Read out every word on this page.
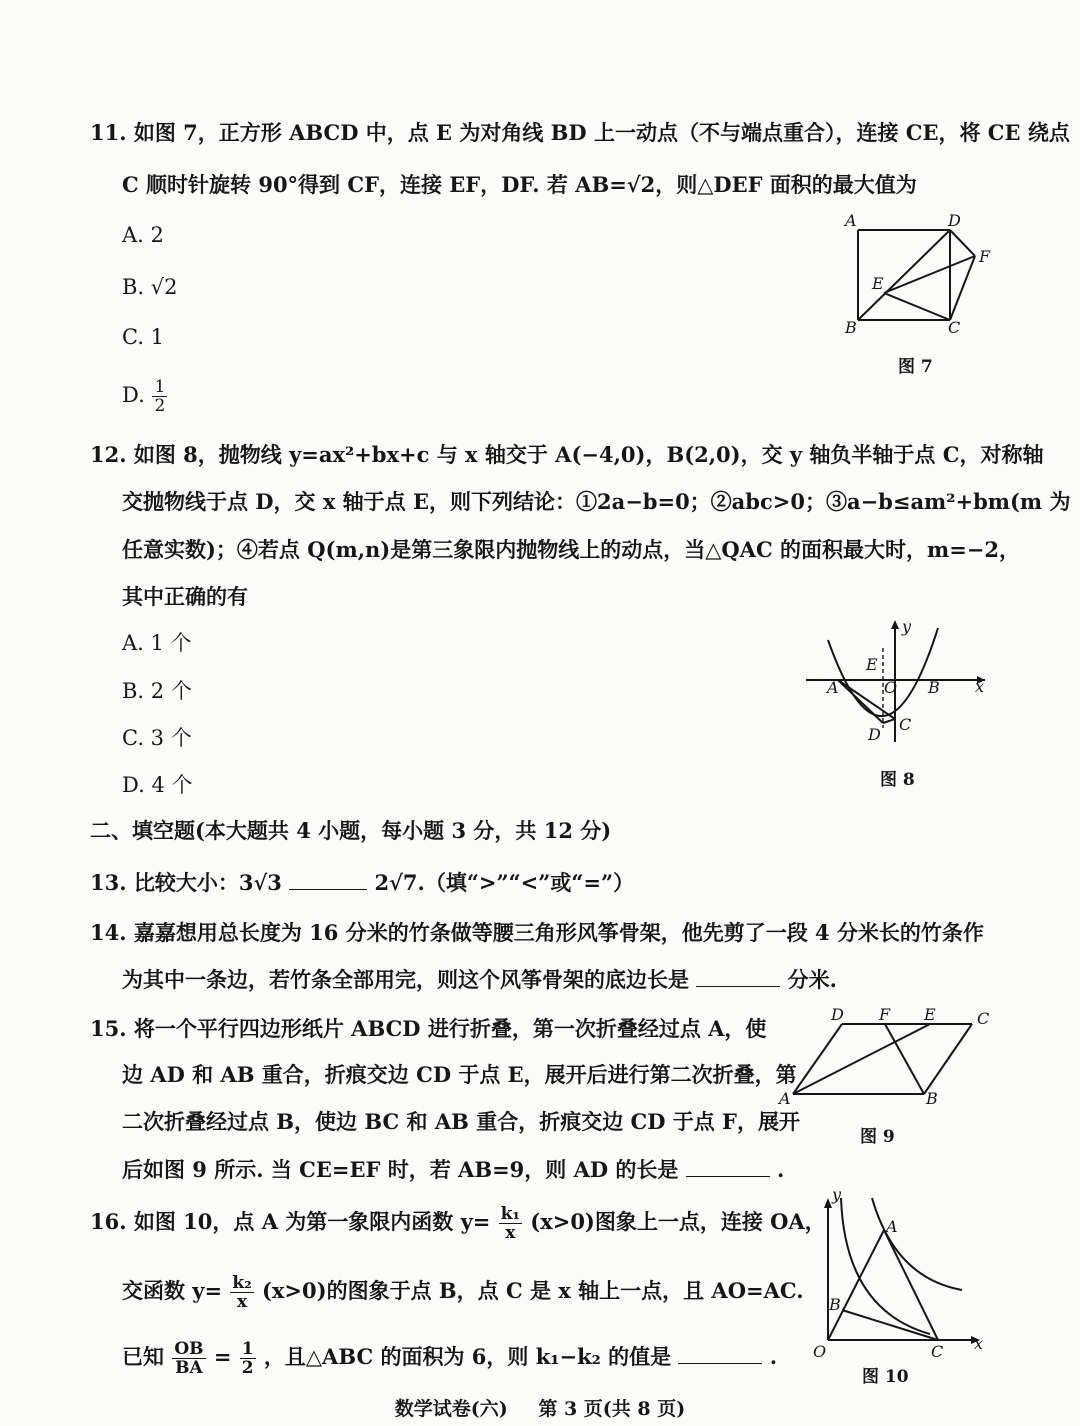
11. 如图 7，正方形 ABCD 中，点 E 为对角线 BD 上一动点（不与端点重合），连接 CE，将 CE 绕点
C 顺时针旋转 90°得到 CF，连接 EF，DF. 若 AB=√2，则△DEF 面积的最大值为
A. 2
B. √2
C. 1
D. $\frac{1}{2}$
A	D
F
E
B	C
图 7
12. 如图 8，抛物线 y=ax²+bx+c 与 x 轴交于 A(−4,0)，B(2,0)，交 y 轴负半轴于点 C，对称轴
交抛物线于点 D，交 x 轴于点 E，则下列结论：①2a−b=0；②abc>0；③a−b≤am²+bm(m 为
任意实数)；④若点 Q(m,n)是第三象限内抛物线上的动点，当△QAC 的面积最大时，m=−2，
其中正确的有
A. 1 个
B. 2 个
C. 3 个
D. 4 个
y
x
E
A	O B
C
D
图 8
二、填空题(本大题共 4 小题，每小题 3 分，共 12 分)
13. 比较大小：3√3	2√7.（填“>”“<”或“=”）
14. 嘉嘉想用总长度为 16 分米的竹条做等腰三角形风筝骨架，他先剪了一段 4 分米长的竹条作
为其中一条边，若竹条全部用完，则这个风筝骨架的底边长是	分米.
15. 将一个平行四边形纸片 ABCD 进行折叠，第一次折叠经过点 A，使
边 AD 和 AB 重合，折痕交边 CD 于点 E，展开后进行第二次折叠，第
二次折叠经过点 B，使边 BC 和 AB 重合，折痕交边 CD 于点 F，展开
后如图 9 所示. 当 CE=EF 时，若 AB=9，则 AD 的长是	.
D F E	C
A	B
图 9
16. 如图 10，点 A 为第一象限内函数 $y= \frac{\text{k₁}}{x} (x>0)$图象上一点，连接 OA，
交函数 $y= \frac{\text{k₂}}{x} (x>0)$的图象于点 B，点 C 是 x 轴上一点，且 AO=AC.
已知 $\frac{OB}{BA} = \frac{1}{2}$ ，且△ABC 的面积为 6，则 k₁−k₂ 的值是	.
y
A
B
O	C x
图 10
数学试卷(六) 第 3 页(共 8 页)
